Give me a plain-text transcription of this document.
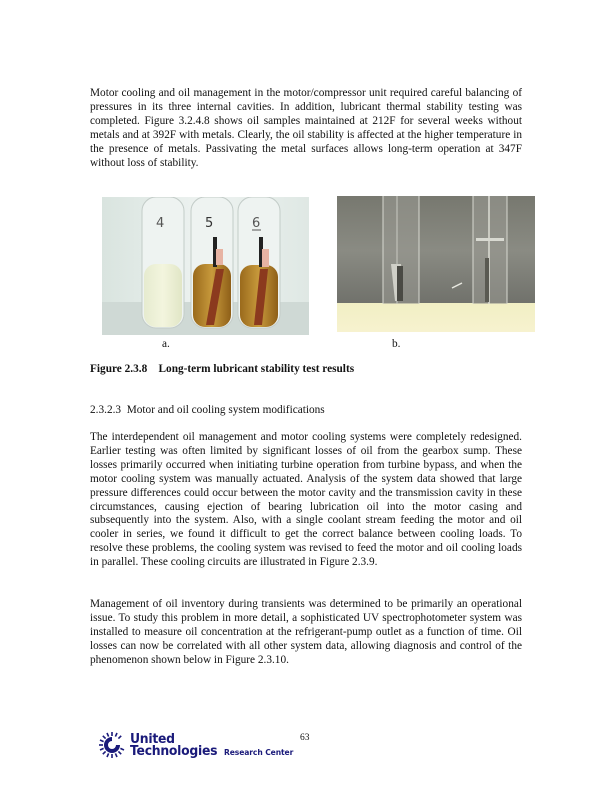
Motor cooling and oil management in the motor/compressor unit required careful balancing of pressures in its three internal cavities. In addition, lubricant thermal stability testing was completed. Figure 3.2.4.8 shows oil samples maintained at 212F for several weeks without metals and at 392F with metals. Clearly, the oil stability is affected at the higher temperature in the presence of metals. Passivating the metal surfaces allows long-term operation at 347F without loss of stability.

4	5	6
a.	b.
Figure 2.3.8    Long-term lubricant stability test results
2.3.2.3  Motor and oil cooling system modifications

The interdependent oil management and motor cooling systems were completely redesigned. Earlier testing was often limited by significant losses of oil from the gearbox sump. These losses primarily occurred when initiating turbine operation from turbine bypass, and when the motor cooling system was manually actuated. Analysis of the system data showed that large pressure differences could occur between the motor cavity and the transmission cavity in these circumstances, causing ejection of bearing lubrication oil into the motor casing and subsequently into the system. Also, with a single coolant stream feeding the motor and oil cooler in series, we found it difficult to get the correct balance between cooling loads. To resolve these problems, the cooling system was revised to feed the motor and oil cooling loads in parallel. These cooling circuits are illustrated in Figure 2.3.9.

Management of oil inventory during transients was determined to be primarily an operational issue. To study this problem in more detail, a sophisticated UV spectrophotometer system was installed to measure oil concentration at the refrigerant-pump outlet as a function of time. Oil losses can now be correlated with all other system data, allowing diagnosis and control of the phenomenon shown below in Figure 2.3.10.

United
Technologies Research Center
63
